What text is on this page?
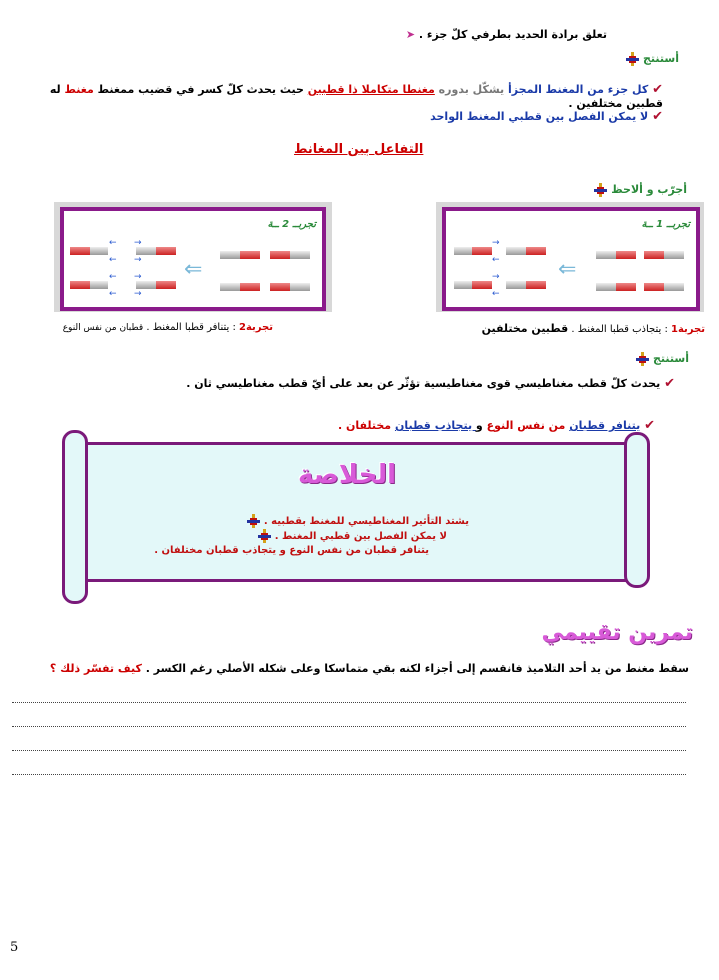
تعلق برادة الحديد بطرفي كلّ جزء . ➤
أستنتج
✔ كل جزء من المغنط المجزأ يشكّل بدوره مغنطا متكاملا ذا قطبين حيث يحدث كلّ كسر في قضيب ممغنط مغنط له قطبين مختلفين .
✔ لا يمكن الفصل بين قطبي المغنط الواحد
التفاعل بين المغانط
أجرّب و ألاحظ
تجربــ 2 ــة
← →
← →
← →
← →
⇐
تجربــ 1 ــة
→
←
→
←
⇐
تجربة1 : يتجاذب قطبا المغنط . قطبين مختلفين
تجربة2 : يتنافر قطبا المغنط . قطبان من نفس النوع
أستنتج
✔ يحدث كلّ قطب مغناطيسي قوى مغناطيسية تؤثّر عن بعد على أيّ قطب مغناطيسي ثان .
✔ يتنافر قطبان من نفس النوع و يتجاذب قطبان مختلفان .
الخلاصة
يشتد التأثير المغناطيسي للمغنط بقطبيه .
لا يمكن الفصل بين قطبي المغنط .
يتنافر قطبان من نفس النوع و يتجاذب قطبان مختلفان .
تمرين تقييمي
سقط مغنط من يد أحد التلاميذ فانقسم إلى أجزاء لكنه بقي متماسكا وعلى شكله الأصلي رغم الكسر . كيف تفسّر ذلك ؟
5
